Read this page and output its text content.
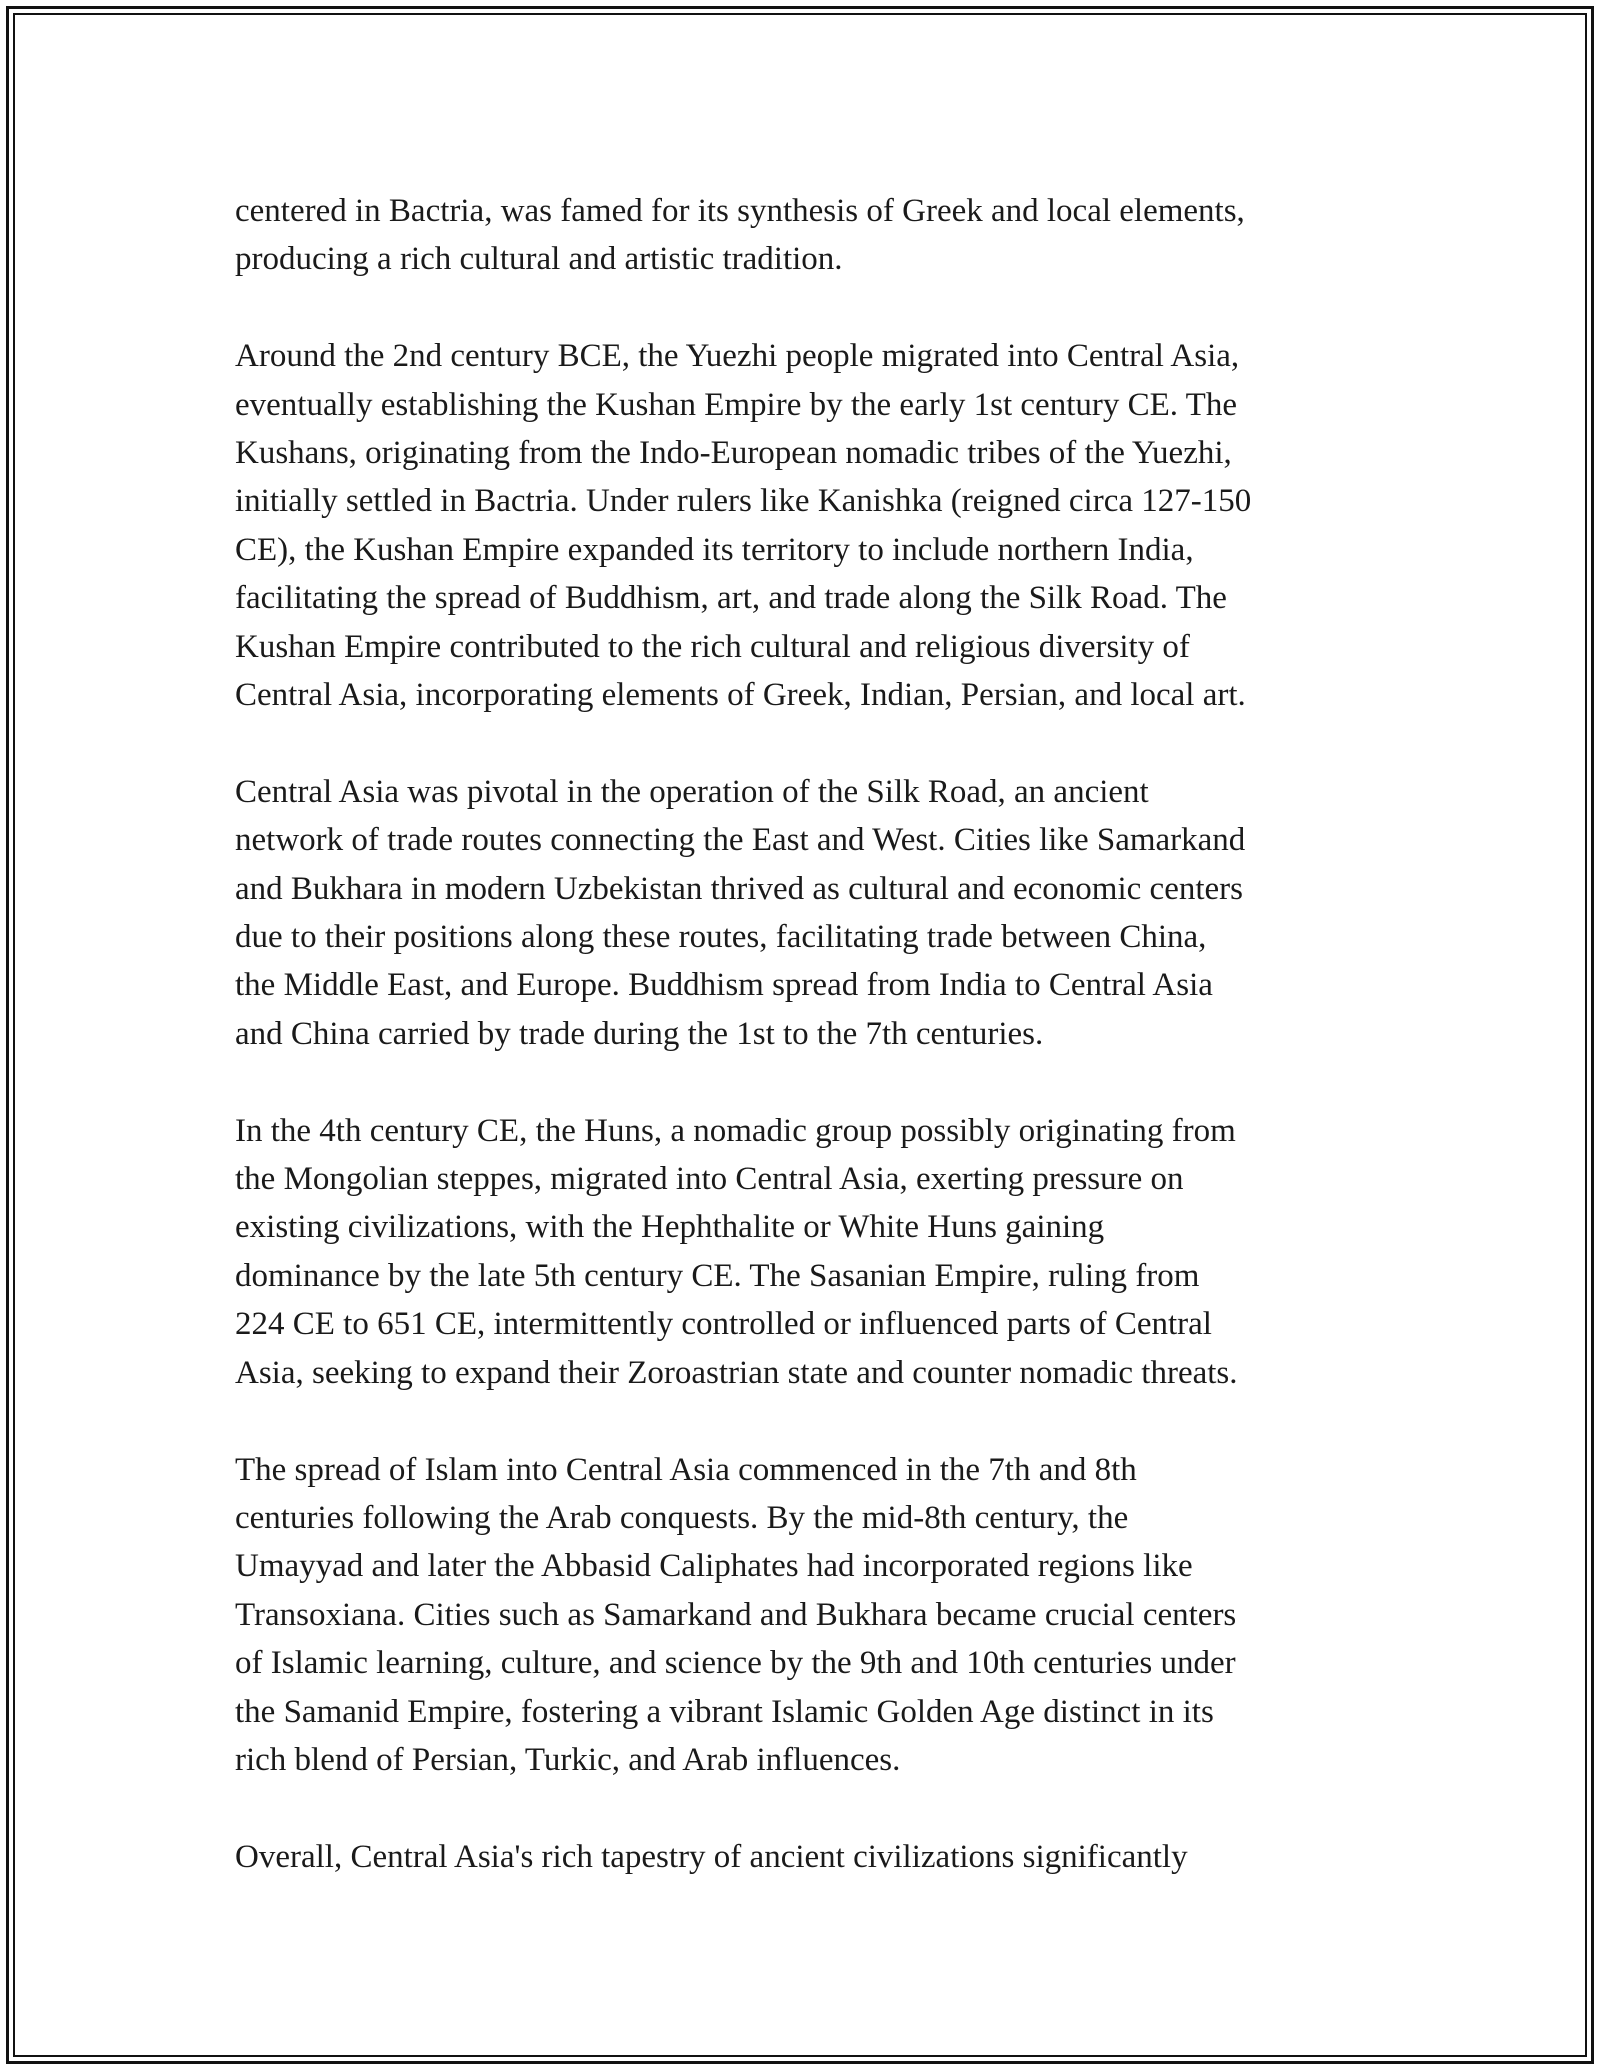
centered in Bactria, was famed for its synthesis of Greek and local elements,
producing a rich cultural and artistic tradition.

Around the 2nd century BCE, the Yuezhi people migrated into Central Asia,
eventually establishing the Kushan Empire by the early 1st century CE. The
Kushans, originating from the Indo-European nomadic tribes of the Yuezhi,
initially settled in Bactria. Under rulers like Kanishka (reigned circa 127-150
CE), the Kushan Empire expanded its territory to include northern India,
facilitating the spread of Buddhism, art, and trade along the Silk Road. The
Kushan Empire contributed to the rich cultural and religious diversity of
Central Asia, incorporating elements of Greek, Indian, Persian, and local art.

Central Asia was pivotal in the operation of the Silk Road, an ancient
network of trade routes connecting the East and West. Cities like Samarkand
and Bukhara in modern Uzbekistan thrived as cultural and economic centers
due to their positions along these routes, facilitating trade between China,
the Middle East, and Europe. Buddhism spread from India to Central Asia
and China carried by trade during the 1st to the 7th centuries.

In the 4th century CE, the Huns, a nomadic group possibly originating from
the Mongolian steppes, migrated into Central Asia, exerting pressure on
existing civilizations, with the Hephthalite or White Huns gaining
dominance by the late 5th century CE. The Sasanian Empire, ruling from
224 CE to 651 CE, intermittently controlled or influenced parts of Central
Asia, seeking to expand their Zoroastrian state and counter nomadic threats.

The spread of Islam into Central Asia commenced in the 7th and 8th
centuries following the Arab conquests. By the mid-8th century, the
Umayyad and later the Abbasid Caliphates had incorporated regions like
Transoxiana. Cities such as Samarkand and Bukhara became crucial centers
of Islamic learning, culture, and science by the 9th and 10th centuries under
the Samanid Empire, fostering a vibrant Islamic Golden Age distinct in its
rich blend of Persian, Turkic, and Arab influences.

Overall, Central Asia's rich tapestry of ancient civilizations significantly
